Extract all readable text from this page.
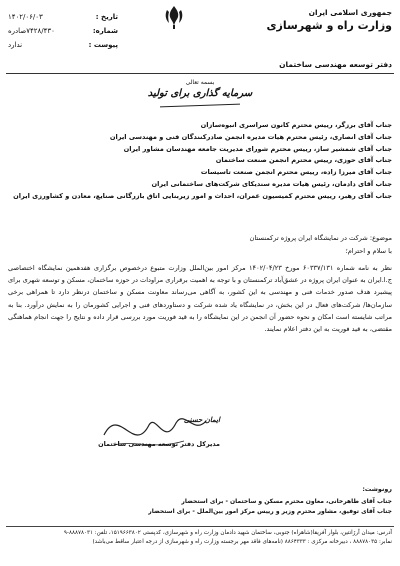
تاریخ :
۱۴۰۲/۰۶/۰۳
شماره:
۷۴۲۸/۴۳۰صادره
پیوست :
ندارد
جمهوری اسلامی ایران
وزارت راه و شهرسازی
دفتر توسعه مهندسی ساختمان
بسمه تعالی
سرمایه گذاری برای تولید
جناب آقای برزگر، رییس محترم کانون سراسری انبوه‌سازان
جناب آقای انصاری، رئیس محترم هیات مدیره انجمن صادرکنندگان فنی و مهندسی ایران
جناب آقای شمشیر ساز، رییس محترم شورای مدیریت جامعه مهندسان مشاور ایران
جناب آقای حوزی، رییس محترم انجمن صنعت ساختمان
جناب آقای میرزا زاده، رییس محترم انجمن صنعت تاسیسات
جناب آقای دادمان، رئیس هیات مدیره سندیکای شرکت‌های ساختمانی ایران
جناب آقای رهبر، رییس محترم کمیسیون عمران، احداث و امور زیربنایی اتاق بازرگانی صنایع، معادن و کشاورزی ایران
موضوع: شرکت در نمایشگاه ایران پروژه ترکمنستان
با سلام و احترام؛
نظر به نامه شماره ۶۰۳۳۷/۱۳۱ مورخ ۱۴۰۲/۰۴/۲۳ مرکز امور بین‌الملل وزارت متبوع درخصوص برگزاری هفدهمین نمایشگاه اختصاصی ج.ا.ایران به عنوان ایران پروژه در عشق‌آباد ترکمنستان و با توجه به اهمیت برقراری مراودات در حوزه ساختمان، مسکن و توسعه شهری برای پیشبرد هدف صدور خدمات فنی و مهندسی به این کشور، به آگاهی می‌رساند معاونت مسکن و ساختمان درنظر دارد تا همراهی برخی سازمان‌ها/ شرکت‌های فعال در این بخش، در نمایشگاه یاد شده شرکت و دستاوردهای فنی و اجرایی کشورمان را به نمایش درآورد. بنا به مراتب شایسته است امکان و نحوه حضور آن انجمن در این نمایشگاه را به قید فوریت مورد بررسی قرار داده و نتایج را جهت انجام هماهنگی مقتضی، به قید فوریت به این دفتر اعلام نمایند.
ایمان حسنی
مدیرکل دفتر توسعه مهندسی ساختمان
رونوشت:
جناب آقای طاهرخانی، معاون محترم مسکن و ساختمان - برای استحضار
جناب آقای توفیق، مشاور محترم وزیر و رییس مرکز امور بین‌الملل - برای استحضار
آدرس: میدان آرژانتین، بلوار آفریقا(شاهراه) جنوبی، ساختمان شهید دادمان وزارت راه و شهرسازی، کدپستی ۱۵۱۹۶۶۳۸۰۲، تلفن: ۸۸۸۷۸۰۳۱-۹
نمابر: ۸۸۸۷۸۰۳۵ ، دبیرخانه مرکزی : ۸۸۶۴۳۳۳ (نامه‌های فاقد مهر برجسته وزارت راه و شهرسازی از درجه اعتبار ساقط می‌باشد)
